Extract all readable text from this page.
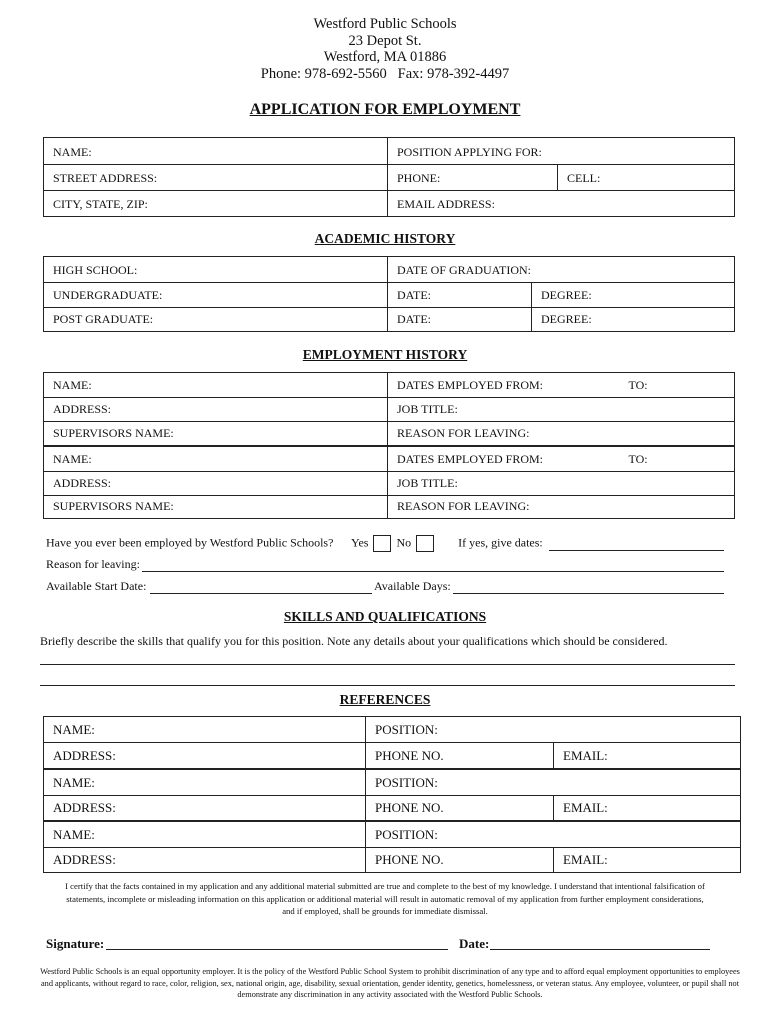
Westford Public Schools
23 Depot St.
Westford, MA 01886
Phone: 978-692-5560   Fax: 978-392-4497
APPLICATION FOR EMPLOYMENT
NAME:	POSITION APPLYING FOR:	
STREET ADDRESS:	PHONE:	CELL:
CITY, STATE, ZIP:	EMAIL ADDRESS:	
ACADEMIC HISTORY
HIGH SCHOOL:	DATE OF GRADUATION:	
UNDERGRADUATE:	DATE:	DEGREE:
POST GRADUATE:	DATE:	DEGREE:
EMPLOYMENT HISTORY
NAME:	DATES EMPLOYED FROM: TO:

ADDRESS:	JOB TITLE:
SUPERVISORS NAME:	REASON FOR LEAVING:
NAME:	DATES EMPLOYED FROM: TO:

ADDRESS:	JOB TITLE:
SUPERVISORS NAME:	REASON FOR LEAVING:
Have you ever been employed by Westford Public Schools? Yes No	If yes, give dates:
Reason for leaving:
Available Start Date:	Available Days:
SKILLS AND QUALIFICATIONS
Briefly describe the skills that qualify you for this position. Note any details about your qualifications which should be considered.
REFERENCES
NAME:	POSITION:	
ADDRESS:	PHONE NO.	EMAIL:
NAME:	POSITION:	
ADDRESS:	PHONE NO.	EMAIL:
NAME:	POSITION:	
ADDRESS:	PHONE NO.	EMAIL:
I certify that the facts contained in my application and any additional material submitted are true and complete to the best of my knowledge. I understand that intentional falsification of statements, incomplete or misleading information on this application or additional material will result in automatic removal of my application from further employment considerations, and if employed, shall be grounds for immediate dismissal.
Signature:	Date:
Westford Public Schools is an equal opportunity employer. It is the policy of the Westford Public School System to prohibit discrimination of any type and to afford equal employment opportunities to employees and applicants, without regard to race, color, religion, sex, national origin, age, disability, sexual orientation, gender identity, genetics, homelessness, or veteran status. Any employee, volunteer, or pupil shall not demonstrate any discrimination in any activity associated with the Westford Public Schools.
